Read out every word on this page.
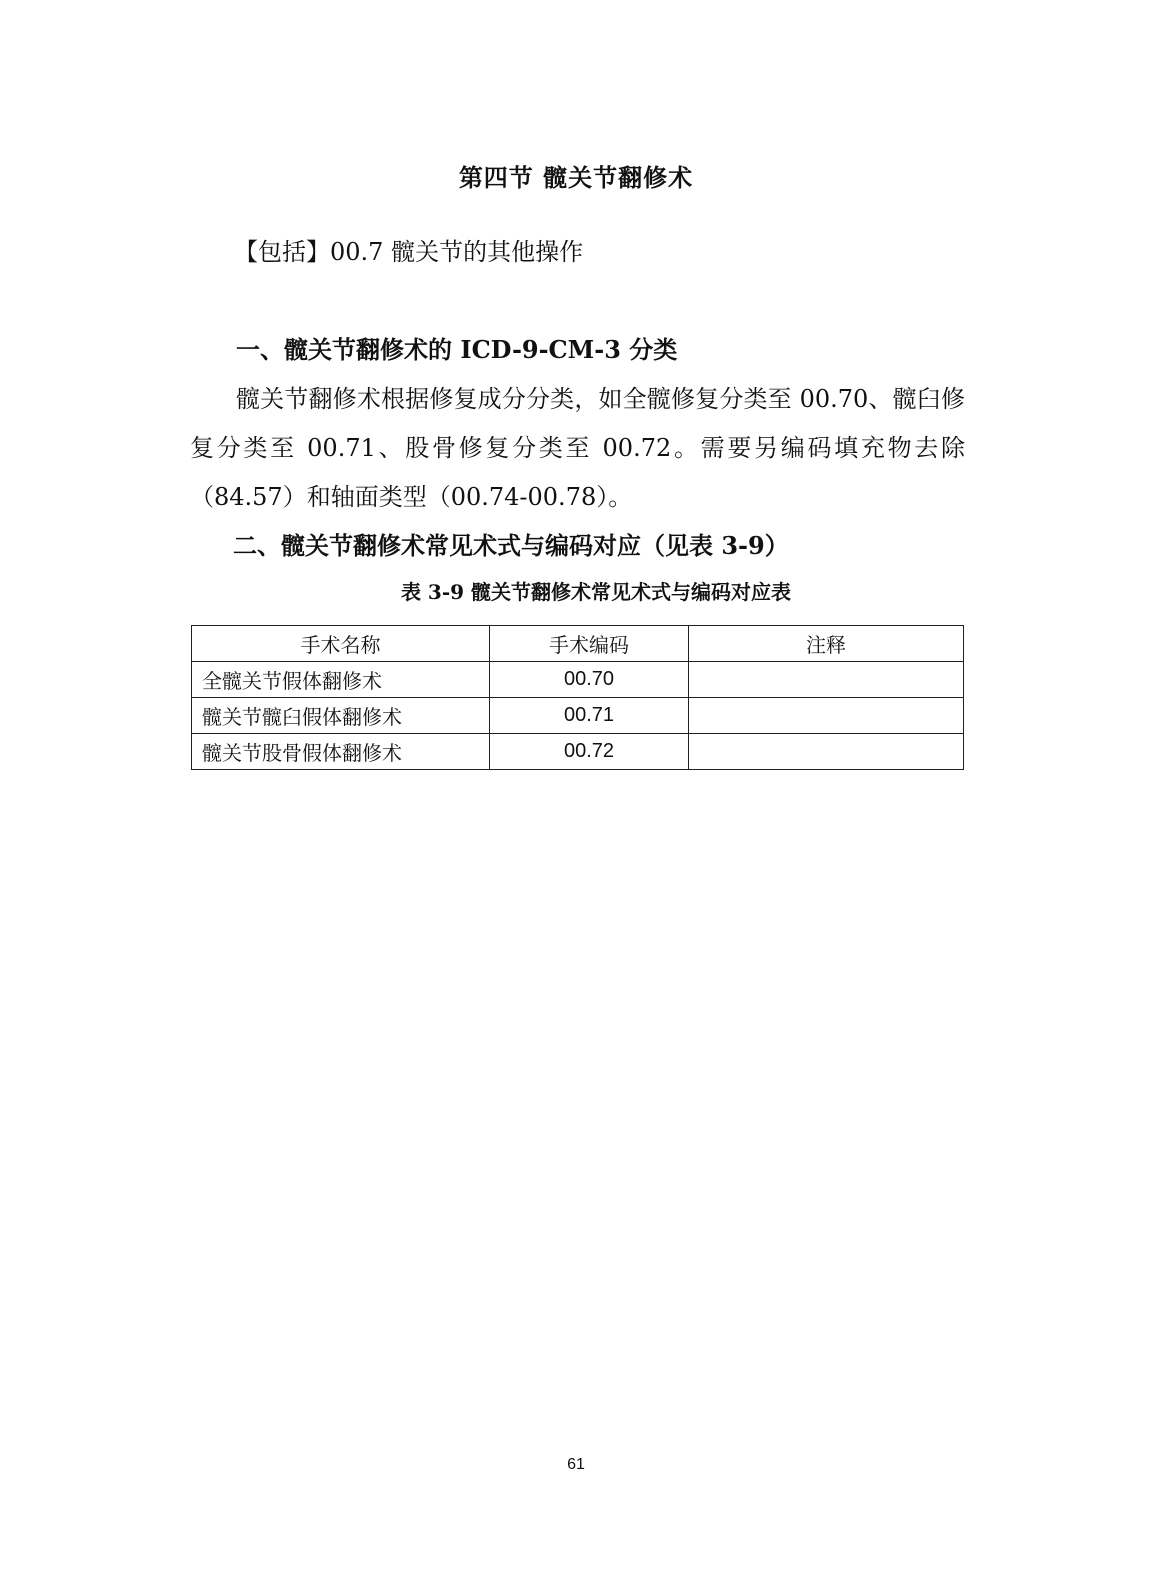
第四节 髋关节翻修术
【包括】00.7 髋关节的其他操作
一、髋关节翻修术的 ICD-9-CM-3 分类
髋关节翻修术根据修复成分分类，如全髋修复分类至 00.70、髋臼修复分类至 00.71、股骨修复分类至 00.72。需要另编码填充物去除（84.57）和轴面类型（00.74-00.78）。
二、髋关节翻修术常见术式与编码对应（见表 3-9）
表 3-9 髋关节翻修术常见术式与编码对应表
手术名称	手术编码	注释
全髋关节假体翻修术	00.70	
髋关节髋臼假体翻修术	00.71	
髋关节股骨假体翻修术	00.72	
61
